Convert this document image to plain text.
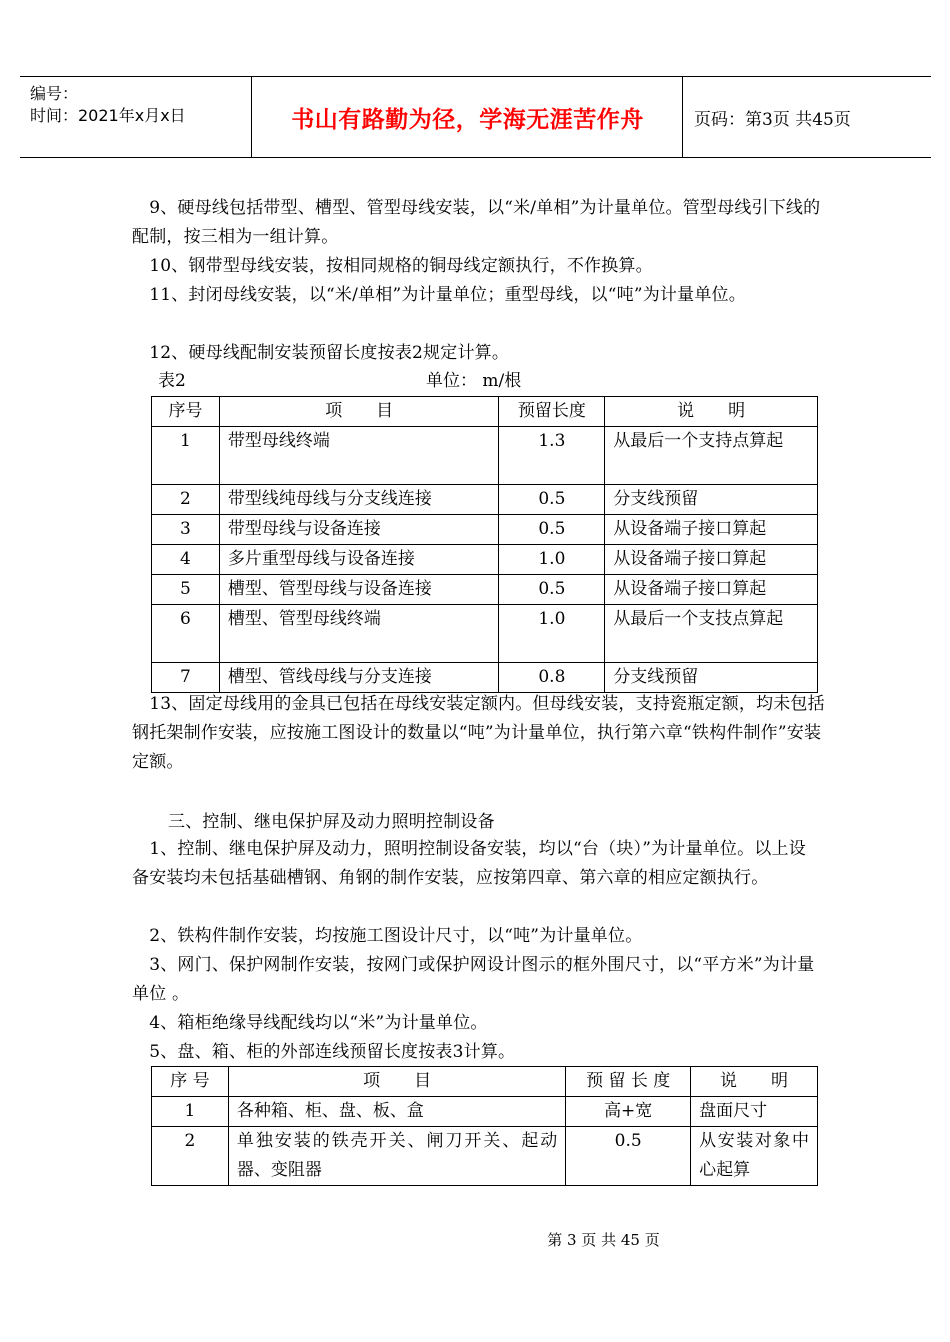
编号：
时间：2021年x月x日	书山有路勤为径，学海无涯苦作舟	页码：第3页 共45页
　9、硬母线包括带型、槽型、管型母线安装，以“米/单相”为计量单位。管型母线引下线的配制，按三相为一组计算。
　10、钢带型母线安装，按相同规格的铜母线定额执行，不作换算。
　11、封闭母线安装，以“米/单相”为计量单位；重型母线，以“吨”为计量单位。
　12、硬母线配制安装预留长度按表2规定计算。
表2	单位： m/根
序号	项　　目	预留长度	说　　明
1	带型母线终端	1.3	从最后一个支持点算起
2	带型线纯母线与分支线连接	0.5	分支线预留
3	带型母线与设备连接	0.5	从设备端子接口算起
4	多片重型母线与设备连接	1.0	从设备端子接口算起
5	槽型、管型母线与设备连接	0.5	从设备端子接口算起
6	槽型、管型母线终端	1.0	从最后一个支技点算起
7	槽型、管线母线与分支连接	0.8	分支线预留
　13、固定母线用的金具已包括在母线安装定额内。但母线安装，支持瓷瓶定额，均未包括钢托架制作安装，应按施工图设计的数量以“吨”为计量单位，执行第六章“铁构件制作”安装定额。
三、控制、继电保护屏及动力照明控制设备
　1、控制、继电保护屏及动力，照明控制设备安装，均以“台（块）”为计量单位。以上设备安装均未包括基础槽钢、角钢的制作安装，应按第四章、第六章的相应定额执行。
　2、铁构件制作安装，均按施工图设计尺寸，以“吨”为计量单位。
　3、网门、保护网制作安装，按网门或保护网设计图示的框外围尺寸，以“平方米”为计量单位 。
　4、箱柜绝缘导线配线均以“米”为计量单位。
　5、盘、箱、柜的外部连线预留长度按表3计算。
序 号	项　　目	预 留 长 度	说　　明
1	各种箱、柜、盘、板、盒	高+宽	盘面尺寸
2	单独安装的铁壳开关、闸刀开关、起动器、变阻器	0.5	从安装对象中心起算
第 3 页 共 45 页
